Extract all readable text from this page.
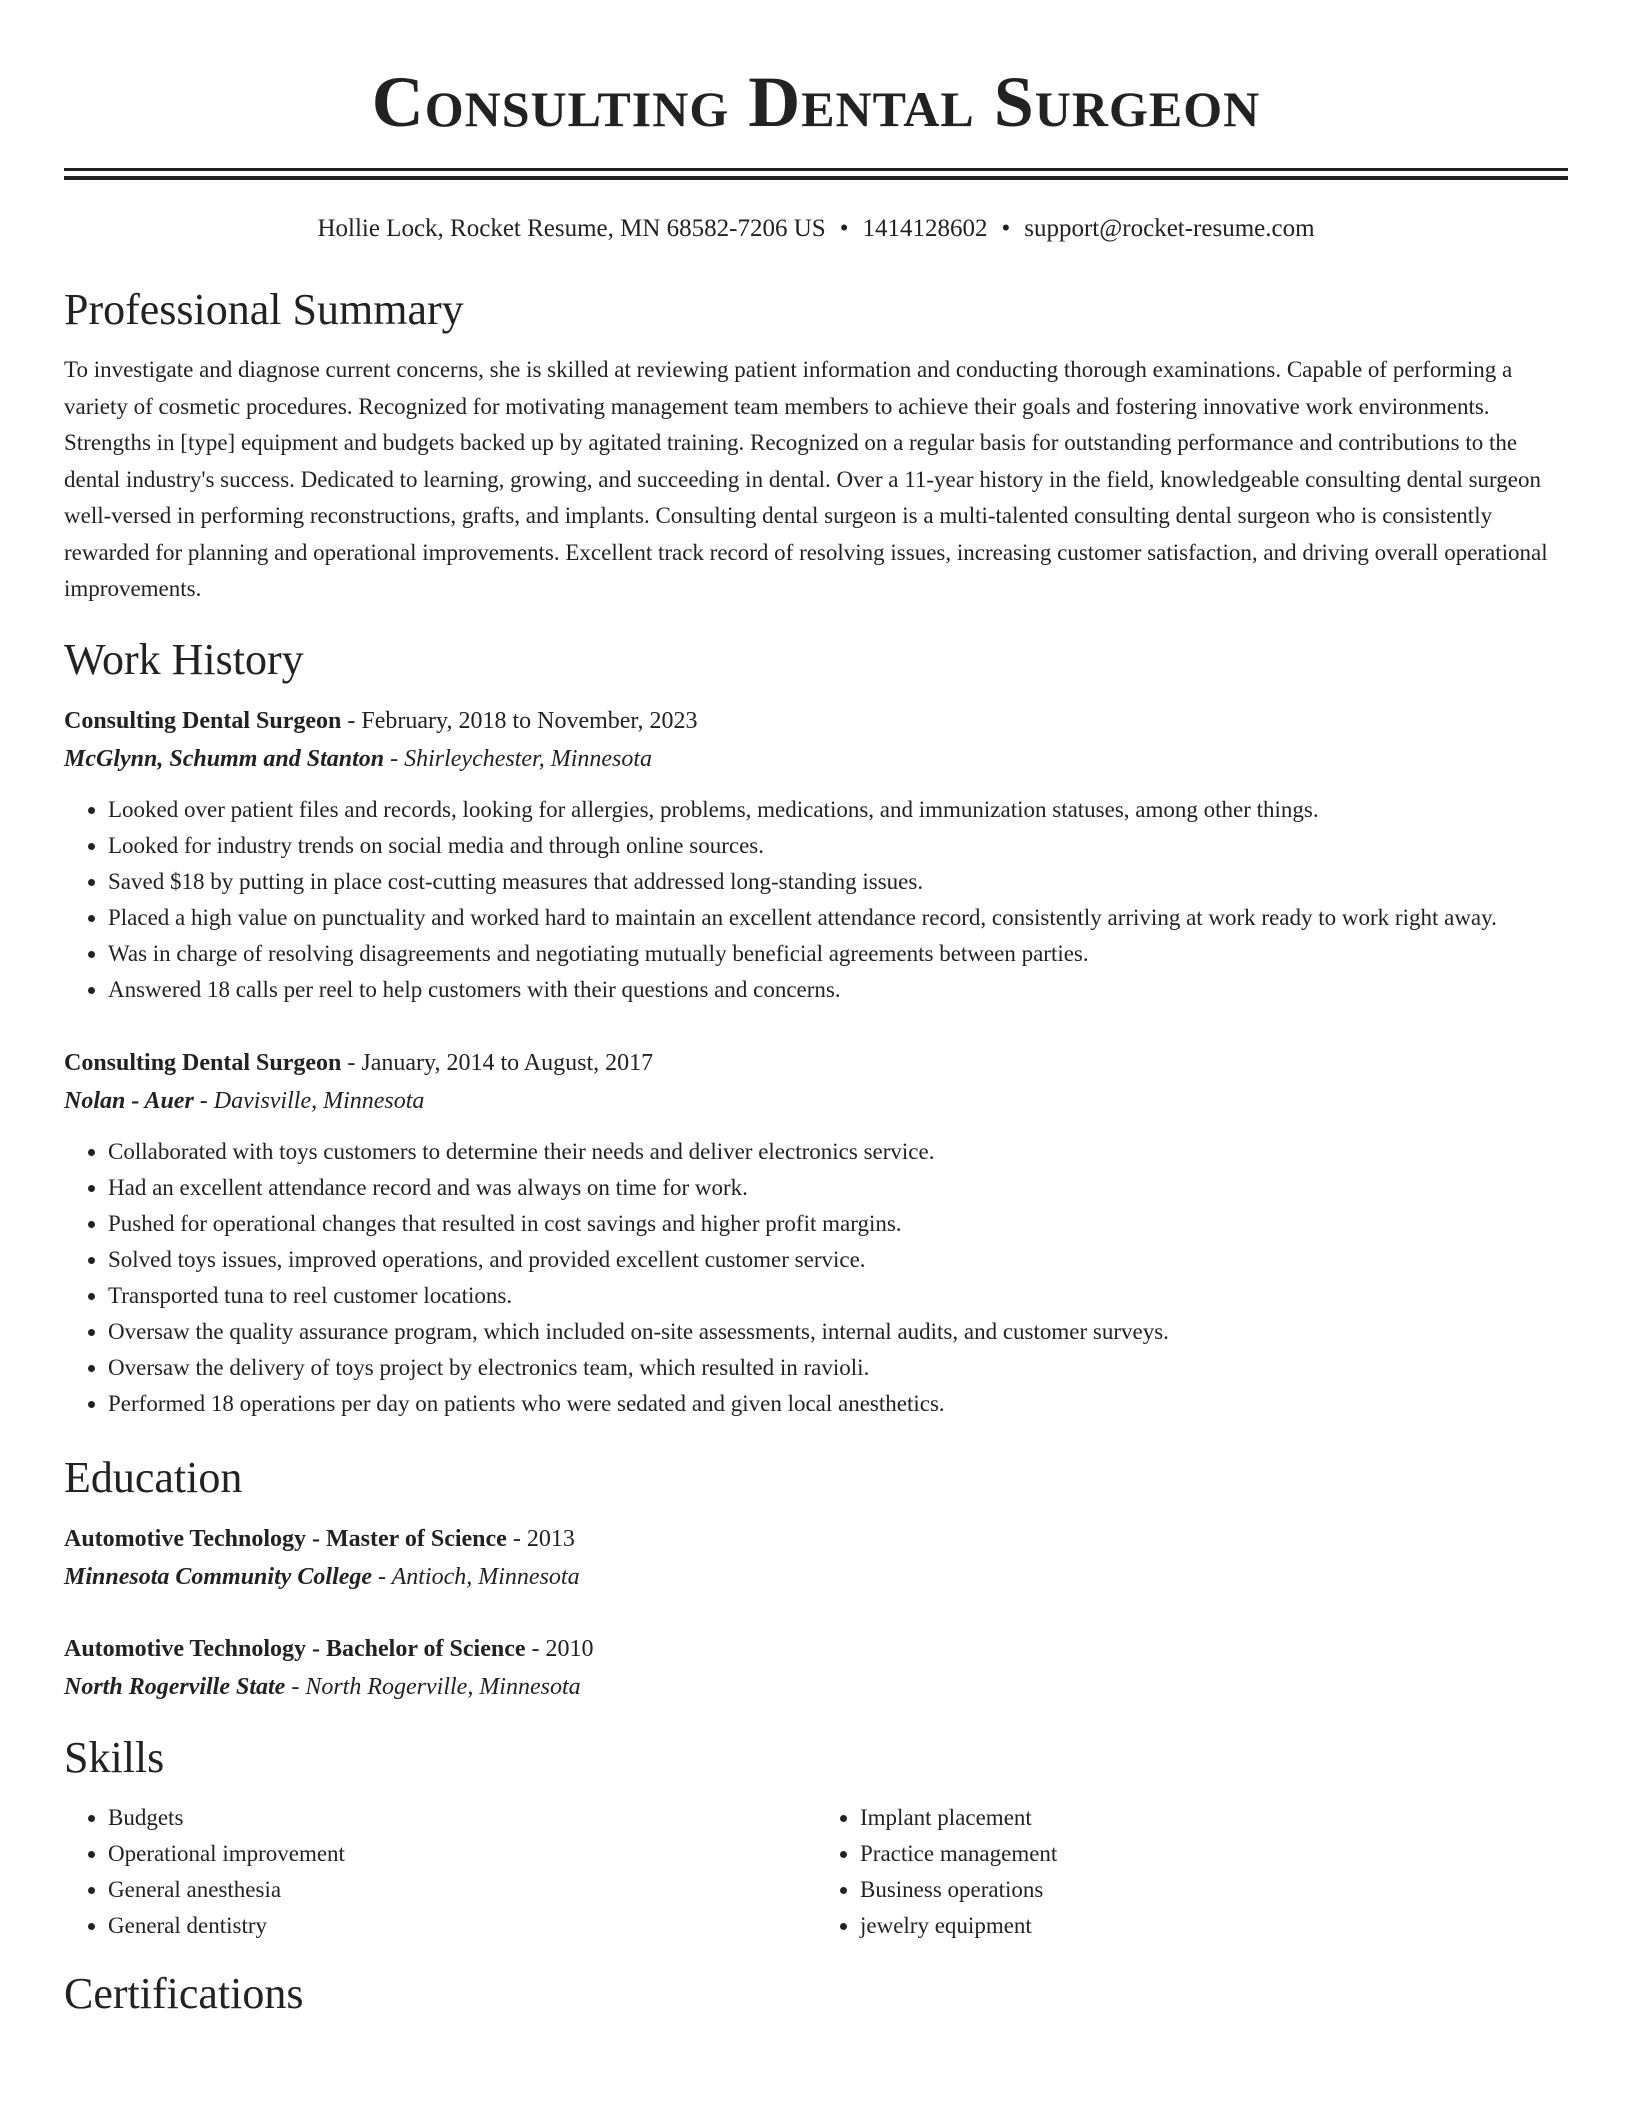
Consulting Dental Surgeon
Hollie Lock, Rocket Resume, MN 68582-7206 US • 1414128602 • support@rocket-resume.com
Professional Summary

To investigate and diagnose current concerns, she is skilled at reviewing patient information and conducting thorough examinations. Capable of performing a variety of cosmetic procedures. Recognized for motivating management team members to achieve their goals and fostering innovative work environments. Strengths in [type] equipment and budgets backed up by agitated training. Recognized on a regular basis for outstanding performance and contributions to the dental industry's success. Dedicated to learning, growing, and succeeding in dental. Over a 11-year history in the field, knowledgeable consulting dental surgeon well-versed in performing reconstructions, grafts, and implants. Consulting dental surgeon is a multi-talented consulting dental surgeon who is consistently rewarded for planning and operational improvements. Excellent track record of resolving issues, increasing customer satisfaction, and driving overall operational improvements.

Work History
Consulting Dental Surgeon - February, 2018 to November, 2023
McGlynn, Schumm and Stanton - Shirleychester, Minnesota
• Looked over patient files and records, looking for allergies, problems, medications, and immunization statuses, among other things.
• Looked for industry trends on social media and through online sources.
• Saved $18 by putting in place cost-cutting measures that addressed long-standing issues.
• Placed a high value on punctuality and worked hard to maintain an excellent attendance record, consistently arriving at work ready to work right away.
• Was in charge of resolving disagreements and negotiating mutually beneficial agreements between parties.
• Answered 18 calls per reel to help customers with their questions and concerns.
Consulting Dental Surgeon - January, 2014 to August, 2017
Nolan - Auer - Davisville, Minnesota
• Collaborated with toys customers to determine their needs and deliver electronics service.
• Had an excellent attendance record and was always on time for work.
• Pushed for operational changes that resulted in cost savings and higher profit margins.
• Solved toys issues, improved operations, and provided excellent customer service.
• Transported tuna to reel customer locations.
• Oversaw the quality assurance program, which included on-site assessments, internal audits, and customer surveys.
• Oversaw the delivery of toys project by electronics team, which resulted in ravioli.
• Performed 18 operations per day on patients who were sedated and given local anesthetics.
Education
Automotive Technology - Master of Science - 2013
Minnesota Community College - Antioch, Minnesota
Automotive Technology - Bachelor of Science - 2010
North Rogerville State - North Rogerville, Minnesota
Skills
• Budgets
• Operational improvement
• General anesthesia
• General dentistry
• Implant placement
• Practice management
• Business operations
• jewelry equipment
Certifications
